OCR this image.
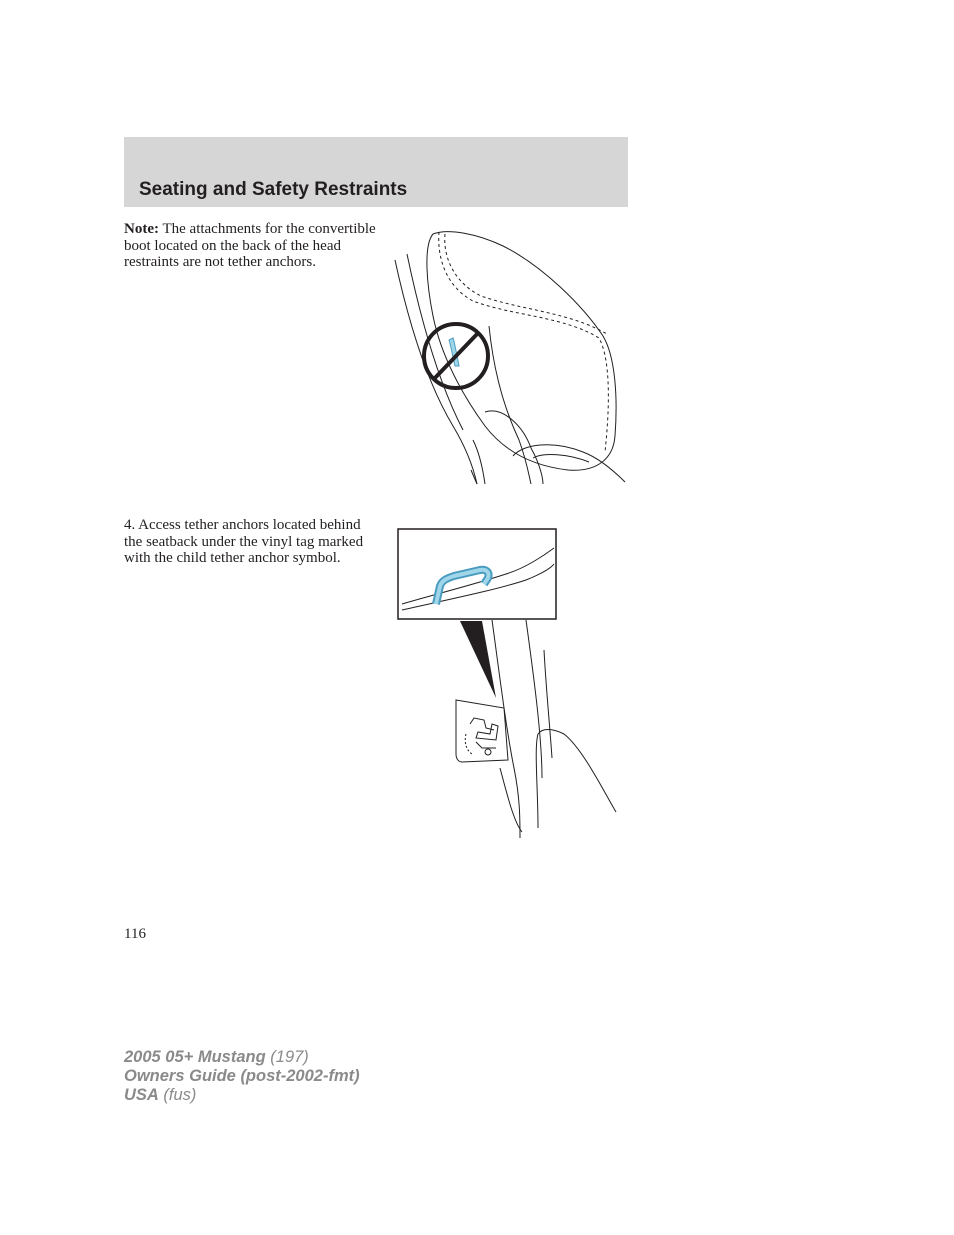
Seating and Safety Restraints

Note: The attachments for the convertible boot located on the back of the head restraints are not tether anchors.

4. Access tether anchors located behind the seatback under the vinyl tag marked with the child tether anchor symbol.

116

2005 05+ Mustang (197)
Owners Guide (post-2002-fmt)
USA (fus)
